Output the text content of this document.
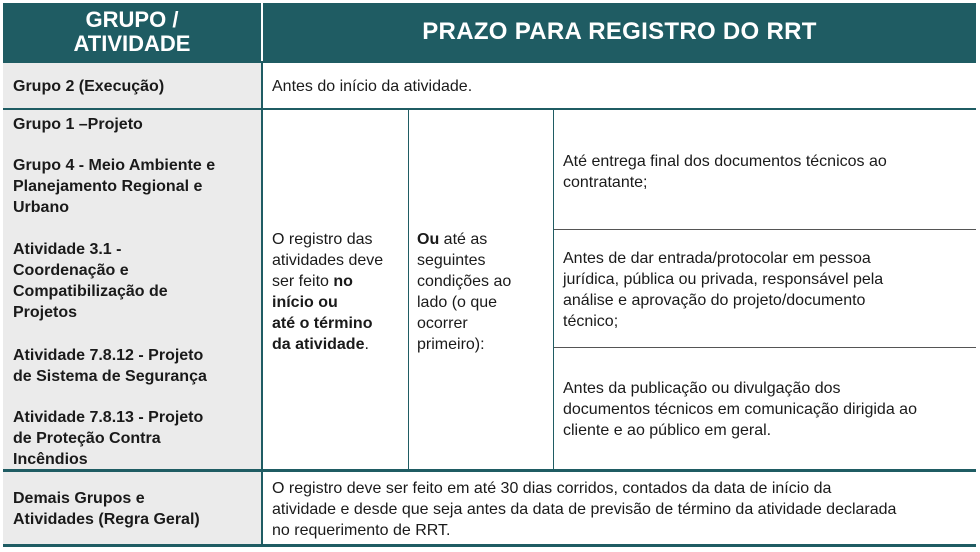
GRUPO /
ATIVIDADE	PRAZO PARA REGISTRO DO RRT
Grupo 2 (Execução)	Antes do início da atividade.
Grupo 1 –Projeto
Grupo 4 - Meio Ambiente e
Planejamento Regional e
Urbano
Atividade 3.1 -
Coordenação e
Compatibilização de
Projetos
Atividade 7.8.12 - Projeto
de Sistema de Segurança
Atividade 7.8.13 - Projeto
de Proteção Contra
Incêndios
O registro das
atividades deve
ser feito no
início ou
até o término
da atividade.
Ou até as
seguintes
condições ao
lado (o que
ocorrer
primeiro):
Até entrega final dos documentos técnicos ao
contratante;
Antes de dar entrada/protocolar em pessoa
jurídica, pública ou privada, responsável pela
análise e aprovação do projeto/documento
técnico;
Antes da publicação ou divulgação dos
documentos técnicos em comunicação dirigida ao
cliente e ao público em geral.
Demais Grupos e
Atividades (Regra Geral)
O registro deve ser feito em até 30 dias corridos, contados da data de início da
atividade e desde que seja antes da data de previsão de término da atividade declarada
no requerimento de RRT.
